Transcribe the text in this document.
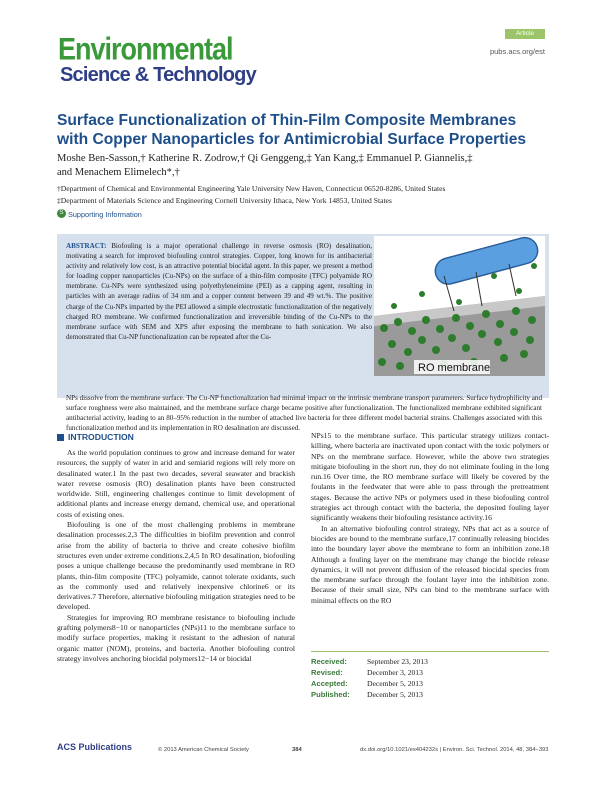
Environmental
Science & Technology
Article
pubs.acs.org/est
Surface Functionalization of Thin-Film Composite Membranes with Copper Nanoparticles for Antimicrobial Surface Properties
Moshe Ben-Sasson,† Katherine R. Zodrow,† Qi Genggeng,‡ Yan Kang,‡ Emmanuel P. Giannelis,‡
and Menachem Elimelech*,†
†Department of Chemical and Environmental Engineering Yale University New Haven, Connecticut 06520-8286, United States
‡Department of Materials Science and Engineering Cornell University Ithaca, New York 14853, United States
S Supporting Information
ABSTRACT: Biofouling is a major operational challenge in reverse osmosis (RO) desalination, motivating a search for improved biofouling control strategies. Copper, long known for its antibacterial activity and relatively low cost, is an attractive potential biocidal agent. In this paper, we present a method for loading copper nanoparticles (Cu-NPs) on the surface of a thin-film composite (TFC) polyamide RO membrane. Cu-NPs were synthesized using polyethyleneimine (PEI) as a capping agent, resulting in particles with an average radius of 34 nm and a copper content between 39 and 49 wt.%. The positive charge of the Cu-NPs imparted by the PEI allowed a simple electrostatic functionalization of the negatively charged RO membrane. We confirmed functionalization and irreversible binding of the Cu-NPs to the membrane surface with SEM and XPS after exposing the membrane to bath sonication. We also demonstrated that Cu-NP functionalization can be repeated after the Cu-
NPs dissolve from the membrane surface. The Cu-NP functionalization had minimal impact on the intrinsic membrane transport parameters. Surface hydrophilicity and surface roughness were also maintained, and the membrane surface charge became positive after functionalization. The functionalized membrane exhibited significant antibacterial activity, leading to an 80–95% reduction in the number of attached live bacteria for three different model bacterial strains. Challenges associated with this functionalization method and its implementation in RO desalination are discussed.
RO membrane
INTRODUCTION

As the world population continues to grow and increase demand for water resources, the supply of water in arid and semiarid regions will rely more on desalinated water.1 In the past two decades, several seawater and brackish water reverse osmosis (RO) desalination plants have been constructed worldwide. Still, engineering challenges continue to limit development of additional plants and increase energy demand, chemical use, and operational costs of existing ones.

Biofouling is one of the most challenging problems in membrane desalination processes.2,3 The difficulties in biofilm prevention and control arise from the ability of bacteria to thrive and create cohesive biofilm structures even under extreme conditions.2,4,5 In RO desalination, biofouling poses a unique challenge because the predominantly used membrane in RO plants, thin-film composite (TFC) polyamide, cannot tolerate oxidants, such as the commonly used and relatively inexpensive chlorine6 or its derivatives.7 Therefore, alternative biofouling mitigation strategies need to be developed.

Strategies for improving RO membrane resistance to biofouling include grafting polymers8−10 or nanoparticles (NPs)11 to the membrane surface to modify surface properties, making it resistant to the adhesion of natural organic matter (NOM), proteins, and bacteria. Another biofouling control strategy involves anchoring biocidal polymers12−14 or biocidal

NPs15 to the membrane surface. This particular strategy utilizes contact-killing, where bacteria are inactivated upon contact with the toxic polymers or NPs on the membrane surface. However, while the above two strategies mitigate biofouling in the short run, they do not eliminate fouling in the long run.16 Over time, the RO membrane surface will likely be covered by the foulants in the feedwater that were able to pass through the pretreatment stages. Because the active NPs or polymers used in these biofouling control strategies act through contact with the bacteria, the deposited fouling layer significantly weakens their biofouling resistance activity.16

In an alternative biofouling control strategy, NPs that act as a source of biocides are bound to the membrane surface,17 continually releasing biocides into the boundary layer above the membrane to form an inhibition zone.18 Although a fouling layer on the membrane may change the biocide release dynamics, it will not prevent diffusion of the released biocidal species from the membrane surface through the foulant layer into the inhibition zone. Because of their small size, NPs can bind to the membrane surface with minimal effects on the RO

Received:	September 23, 2013
Revised:	December 3, 2013
Accepted:	December 5, 2013
Published: December 5, 2013
ACS Publications	© 2013 American Chemical Society	384	dx.doi.org/10.1021/es404232s | Environ. Sci. Technol. 2014, 48, 384−393
